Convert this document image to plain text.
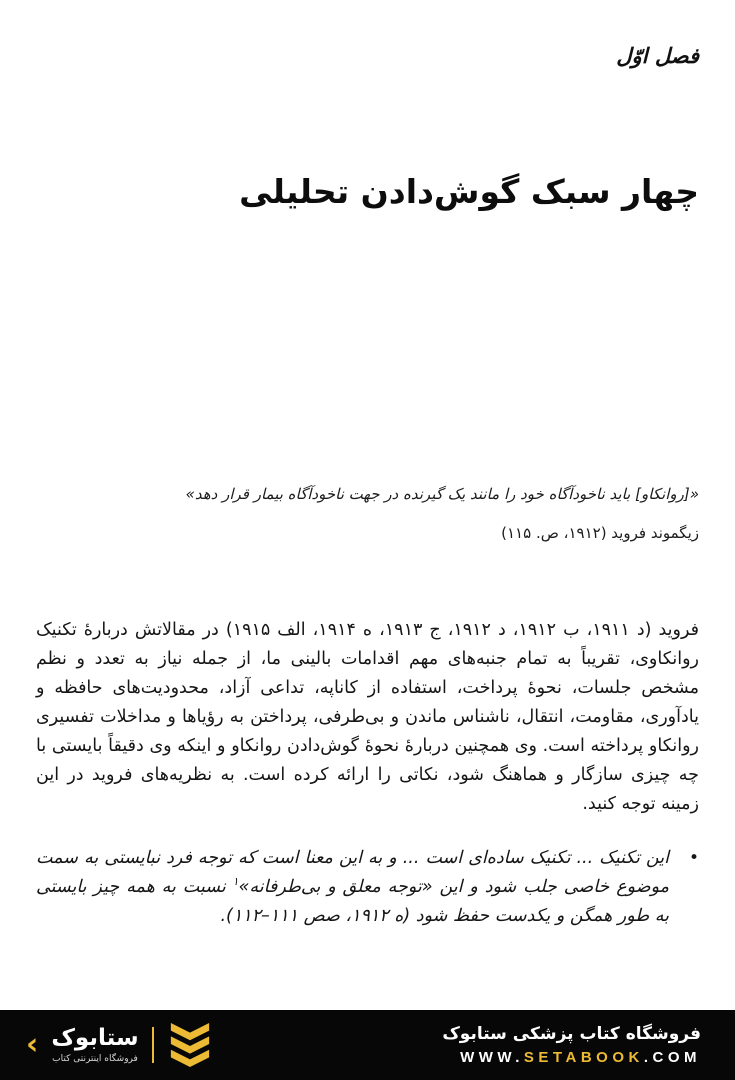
فصل اوّل
چهار سبک گوش‌دادن تحلیلی
«[روانکاو] باید ناخودآگاه خود را مانند یک گیرنده در جهت ناخودآگاه بیمار قرار دهد»
زیگموند فروید (۱۹۱۲، ص. ۱۱۵)

فروید (د ۱۹۱۱، ب ۱۹۱۲، د ۱۹۱۲، ج ۱۹۱۳، ه ۱۹۱۴، الف ۱۹۱۵) در مقالاتش دربارهٔ تکنیک روانکاوی، تقریباً به تمام جنبه‌های مهم اقدامات بالینی ما، از جمله نیاز به تعدد و نظم مشخص جلسات، نحوهٔ پرداخت، استفاده از کاناپه، تداعی آزاد، محدودیت‌های حافظه و یادآوری، مقاومت، انتقال، ناشناس ماندن و بی‌طرفی، پرداختن به رؤیاها و مداخلات تفسیری روانکاو پرداخته است. وی همچنین دربارهٔ نحوهٔ گوش‌دادن روانکاو و اینکه وی دقیقاً بایستی با چه چیزی سازگار و هماهنگ شود، نکاتی را ارائه کرده است. به نظریه‌های فروید در این زمینه توجه کنید.

•

این تکنیک ... تکنیک ساده‌ای است ... و به این معنا است که توجه فرد نبایستی به سمت موضوع خاصی جلب شود و این «توجه معلق و بی‌طرفانه»$^۱$ نسبت به همه چیز بایستی به طور همگن و یکدست حفظ شود (ه ۱۹۱۲، صص ۱۱۱–۱۱۲).

‹ ستابوک
فروشگاه اینترنتی کتاب
فروشگاه کتاب پزشکی ستابوک
WWW.SETABOOK.COM
